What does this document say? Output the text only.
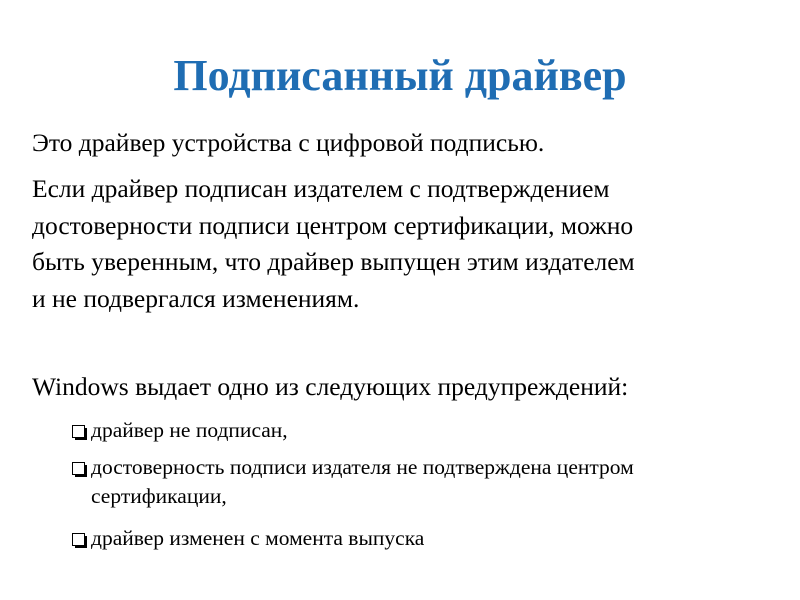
Подписанный драйвер
Это драйвер устройства с цифровой подписью.
Если драйвер подписан издателем с подтверждением
достоверности подписи центром сертификации, можно
быть уверенным, что драйвер выпущен этим издателем
и не подвергался изменениям.
Windows выдает одно из следующих предупреждений:
драйвер не подписан,
достоверность подписи издателя не подтверждена центром
сертификации,
драйвер изменен с момента выпуска
